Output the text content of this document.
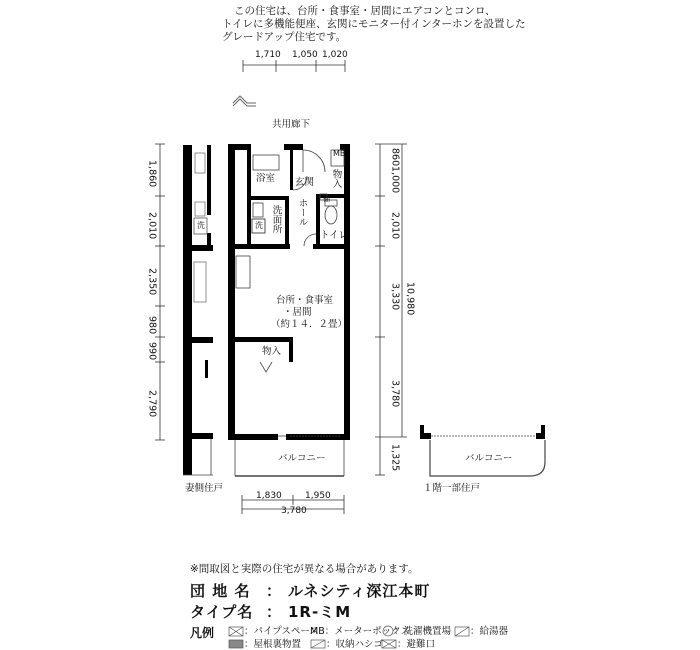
この住宅は、台所・食事室・居間にエアコンとコンロ、
トイレに多機能便座、玄関にモニター付インターホンを設置した
グレードアップ住宅です。
1,710 1,050 1,020
共用廊下
浴室 玄関 物入
MB
ホール
洗面所
洗
洗
トイレ
棚
台所・食事室
・居間
（約１４．２畳）
物入
バルコニー
1,860
2,010
2,350
980
990
2,790
1,000
860
2,010
3,330 10,980
3,780
1,325
1,830	1,950
3,780
妻側住戸	１階一部住戸
バルコニー
※間取図と実際の住宅が異なる場合があります。
団 地 名 ： ルネシティ深江本町
タイプ名 ： 1R-ミM
凡例	：パイプスペース
MB：メーターボックス
：洗濯機置場 ：給湯器
：屋根裏物置	：収納ハシゴ ：避難口
